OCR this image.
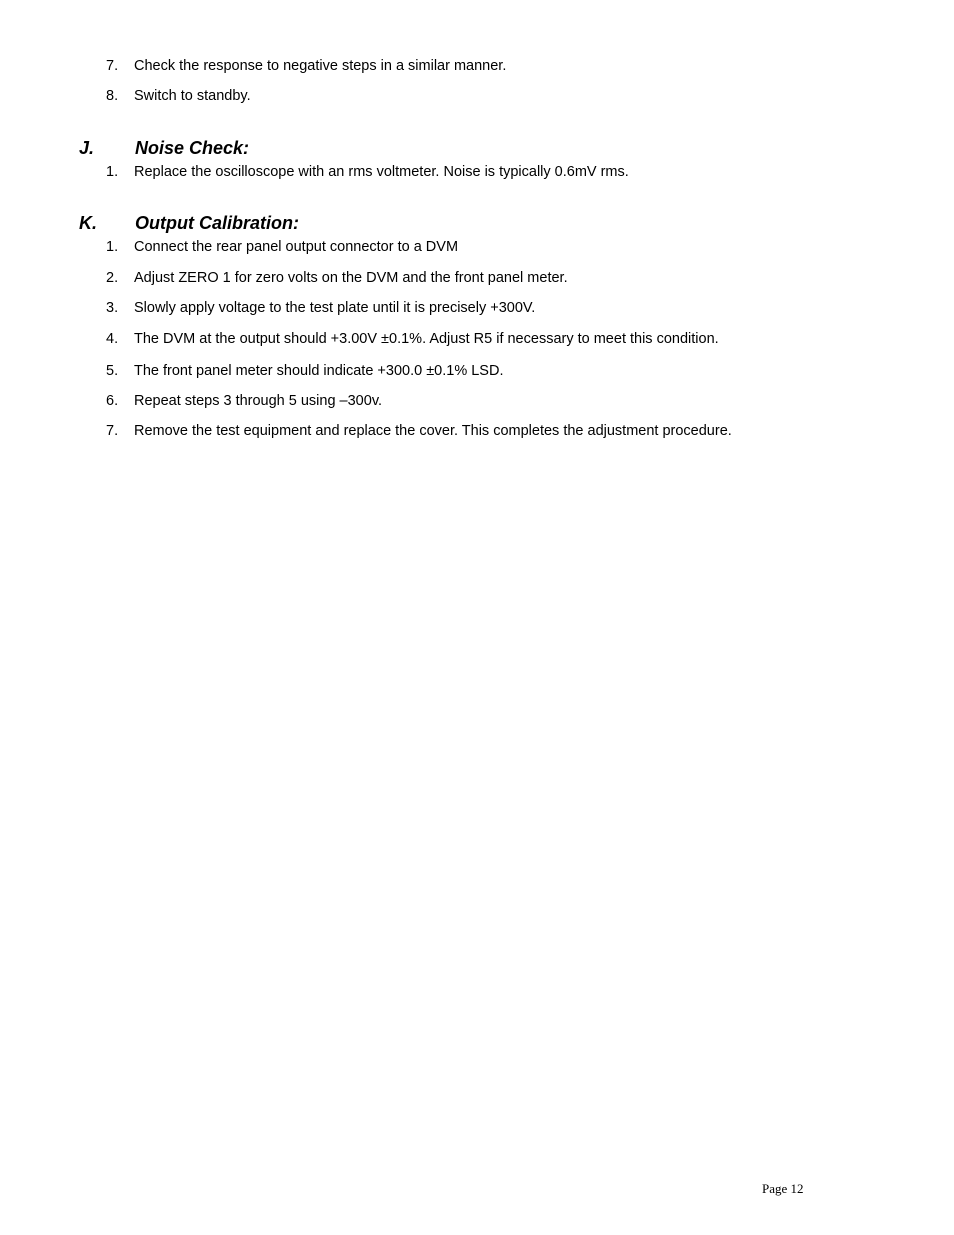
7.	Check the response to negative steps in a similar manner.
8.	Switch to standby.
J. Noise Check:
1.	Replace the oscilloscope with an rms voltmeter. Noise is typically 0.6mV rms.
K. Output Calibration:
1.	Connect the rear panel output connector to a DVM
2.	Adjust ZERO 1 for zero volts on the DVM and the front panel meter.
3.	Slowly apply voltage to the test plate until it is precisely +300V.
4.	The DVM at the output should +3.00V ±0.1%. Adjust R5 if necessary to meet this condition.
5.	The front panel meter should indicate +300.0 ±0.1% LSD.
6.	Repeat steps 3 through 5 using –300v.
7.	Remove the test equipment and replace the cover. This completes the adjustment procedure.
Page 12
